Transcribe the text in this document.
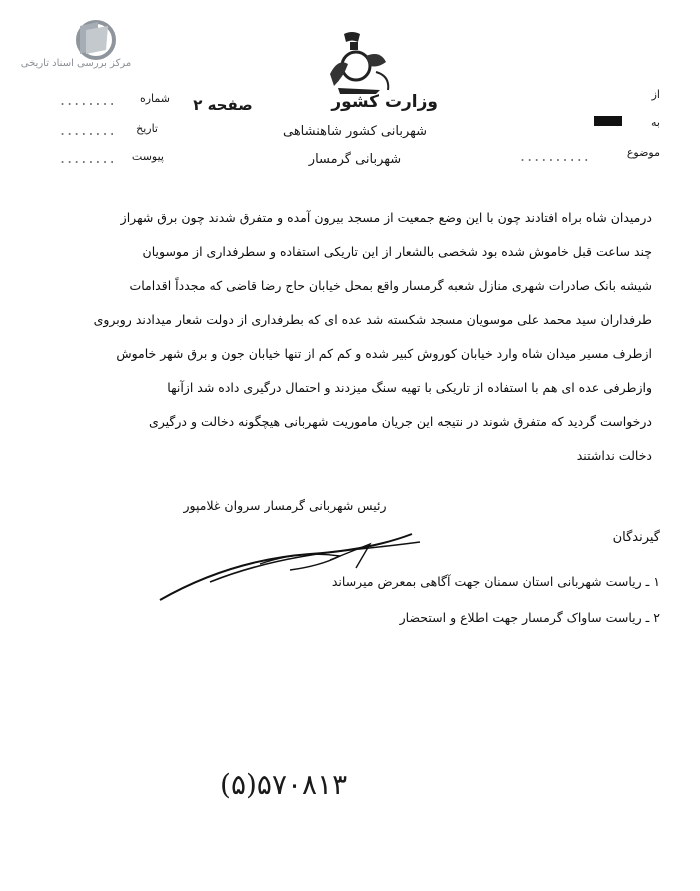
مرکز بررسی اسناد تاریخی
وزارت کشور
صفحه ۲
شهربانی کشور شاهنشاهی
شهربانی گرمسار
شماره
تاریخ
پیوست
........
........
........
از
به
موضوع
..........
درمیدان شاه براه افتادند چون با این وضع جمعیت از مسجد بیرون آمده و متفرق شدند چون برق شهراز
چند ساعت قبل خاموش شده بود شخصی بالشعار از این تاریکی استفاده و سطرفداری از موسویان
شیشه بانک صادرات شهری منازل شعبه گرمسار واقع بمحل خیابان حاج رضا قاضی که مجدداً اقدامات
طرفداران سید محمد علی موسویان مسجد شکسته شد عده ای که بطرفداری از دولت شعار میدادند روبروی
ازطرف مسیر میدان شاه وارد خیابان کوروش کبیر شده و کم کم از تنها خیابان جون و برق شهر خاموش
وازطرفی عده ای هم با استفاده از تاریکی با تهیه سنگ میزدند و احتمال درگیری داده شد ازآنها
درخواست گردید که متفرق شوند در نتیجه این جریان ماموریت شهربانی هیچگونه دخالت و درگیری
دخالت نداشتند
رئیس شهربانی گرمسار سروان غلامپور
گیرندگان
۱ ـ ریاست شهربانی استان سمنان جهت آگاهی بمعرض میرساند
۲ ـ ریاست ساواک گرمسار جهت اطلاع و استحضار
۵۷۰۸۱۳(۵)
